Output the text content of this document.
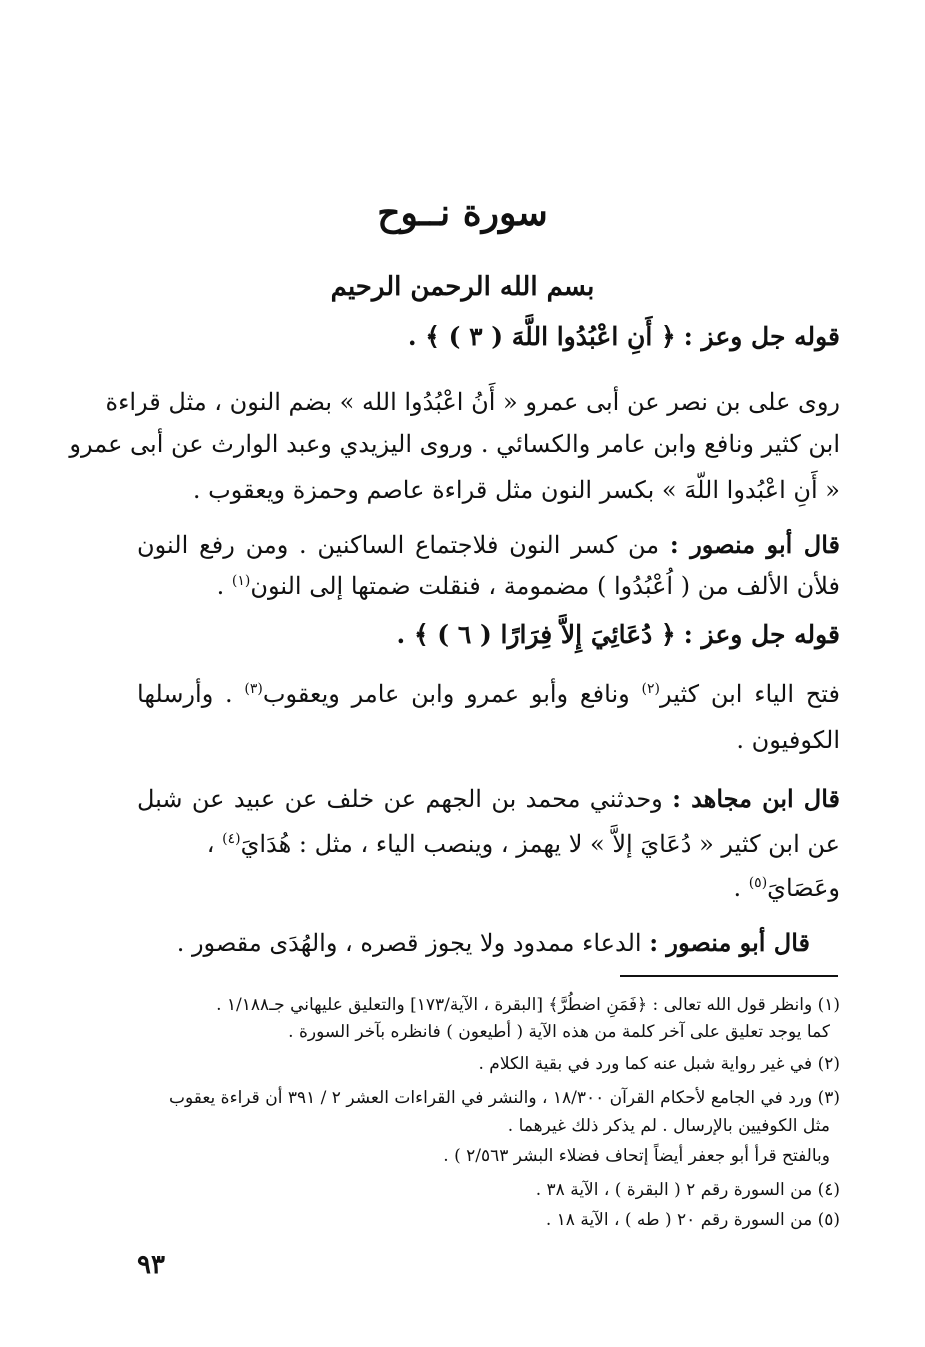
سورة نــوح
بسم الله الرحمن الرحيم
قوله جل وعز : ﴿ أَنِ اعْبُدُوا اللَّهَ ( ٣ ) ﴾ .
روى على بن نصر عن أبى عمرو « أَنُ اعْبُدُوا الله » بضم النون ، مثل قراءة
ابن كثير ونافع وابن عامر والكسائي . وروى اليزيدي وعبد الوارث عن أبى عمرو
« أَنِ اعْبُدوا اللّهَ » بكسر النون مثل قراءة عاصم وحمزة ويعقوب .
قال أبو منصور : من كسر النون فلاجتماع الساكنين . ومن رفع النون
فلأن الألف من ( اُعْبُدُوا ) مضمومة ، فنقلت ضمتها إلى النون$^{(١)}$ .
قوله جل وعز : ﴿ دُعَائِيَ إِلاَّ فِرَارًا ( ٦ ) ﴾ .
فتح الياء ابن كثير$^{(٢)}$ ونافع وأبو عمرو وابن عامر ويعقوب$^{(٣)}$ . وأرسلها
الكوفيون .
قال ابن مجاهد : وحدثني محمد بن الجهم عن خلف عن عبيد عن شبل
عن ابن كثير « دُعَايَ إلاَّ » لا يهمز ، وينصب الياء ، مثل : هُدَايَ$^{(٤)}$ ،
وعَصَايَ$^{(٥)}$ .
قال أبو منصور : الدعاء ممدود ولا يجوز قصره ، والهُدَى مقصور .
(١) وانظر قول الله تعالى : ﴿فَمَنِ اضطُرَّ﴾ [البقرة ، الآية/١٧٣] والتعليق عليهاني جـ١/١٨٨ .
كما يوجد تعليق على آخر كلمة من هذه الآية ( أطيعون ) فانظره بآخر السورة .
(٢) في غير رواية شبل عنه كما ورد في بقية الكلام .
(٣) ورد في الجامع لأحكام القرآن ١٨/٣٠٠ ، والنشر في القراءات العشر ٢ / ٣٩١ أن قراءة يعقوب
مثل الكوفيين بالإرسال . لم يذكر ذلك غيرهما .
وبالفتح قرأ أبو جعفر أيضاً إتحاف فضلاء البشر ٢/٥٦٣ ) .
(٤) من السورة رقم ٢ ( البقرة ) ، الآية ٣٨ .
(٥) من السورة رقم ٢٠ ( طه ) ، الآية ١٨ .
٩٣
